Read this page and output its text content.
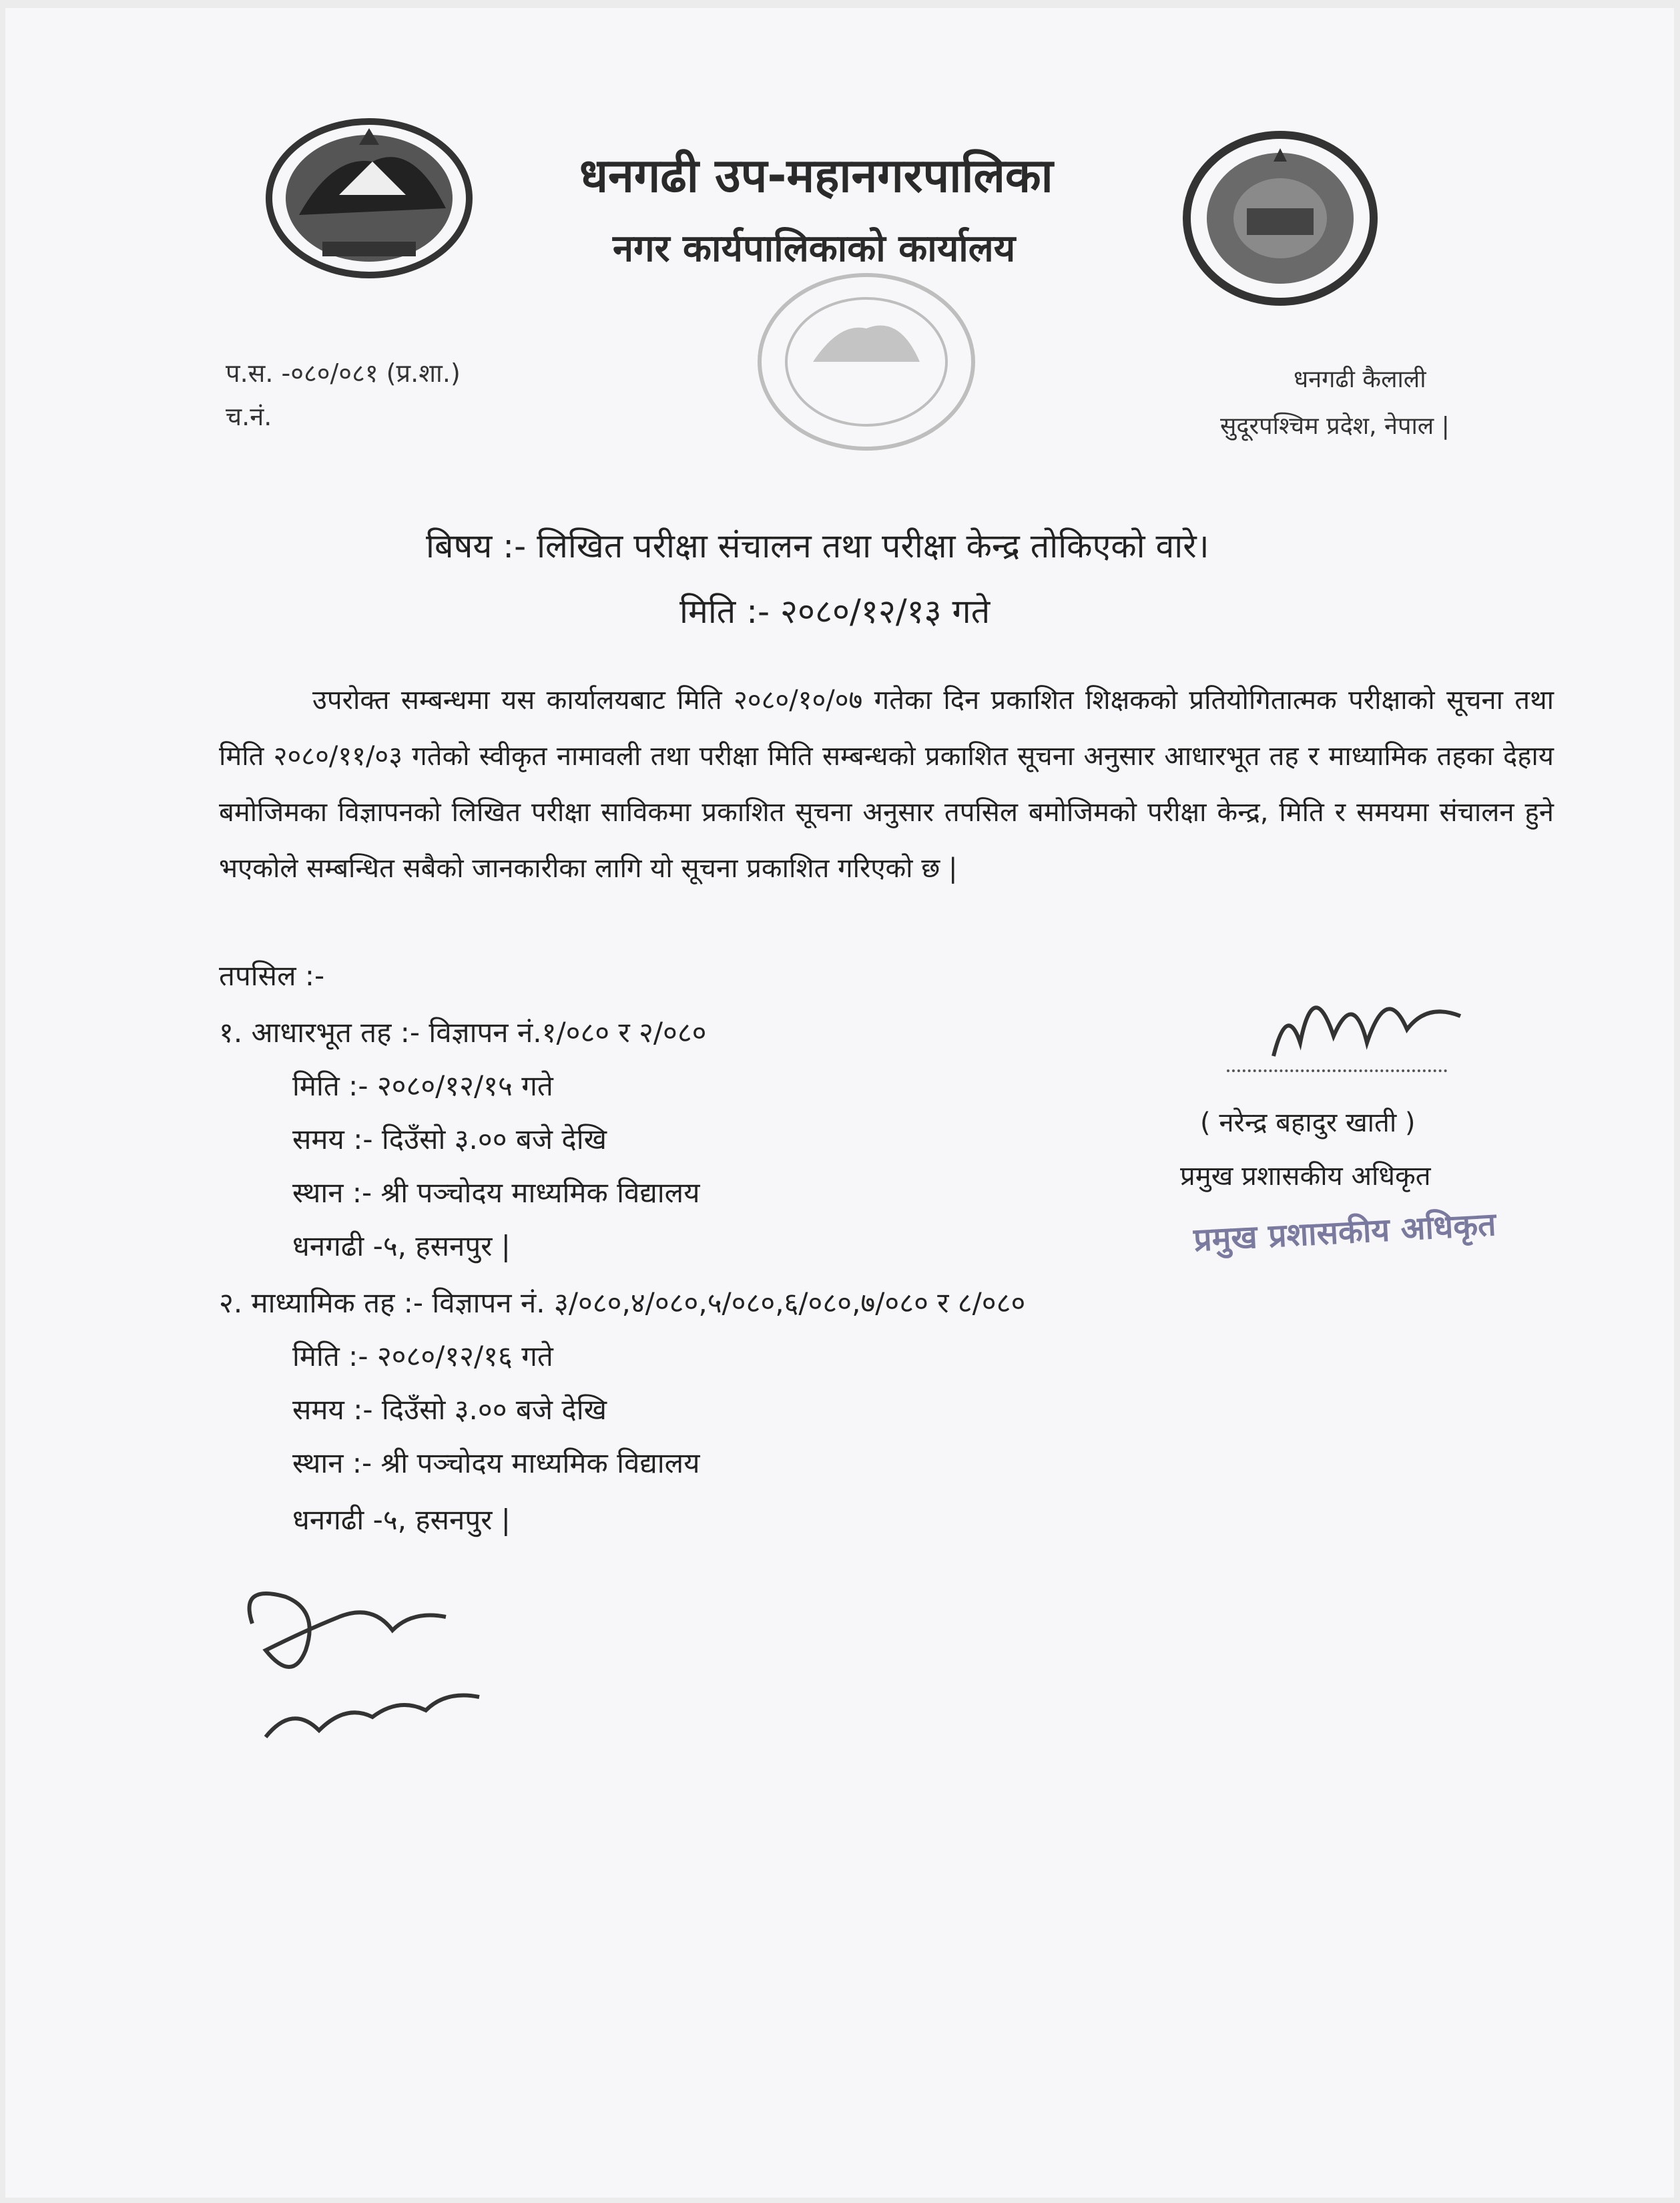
धनगढी उप-महानगरपालिका
नगर कार्यपालिकाको कार्यालय
प.स. -०८०/०८१ (प्र.शा.)
च.नं.
धनगढी कैलाली
सुदूरपश्चिम प्रदेश, नेपाल |
बिषय :- लिखित परीक्षा संचालन तथा परीक्षा केन्द्र तोकिएको वारे।
मिति :- २०८०/१२/१३ गते
उपरोक्त सम्बन्धमा यस कार्यालयबाट मिति २०८०/१०/०७ गतेका दिन प्रकाशित शिक्षकको प्रतियोगितात्मक परीक्षाको सूचना तथा मिति २०८०/११/०३ गतेको स्वीकृत नामावली तथा परीक्षा मिति सम्बन्धको प्रकाशित सूचना अनुसार आधारभूत तह र माध्यामिक तहका देहाय बमोजिमका विज्ञापनको लिखित परीक्षा साविकमा प्रकाशित सूचना अनुसार तपसिल बमोजिमको परीक्षा केन्द्र, मिति र समयमा संचालन हुने भएकोले सम्बन्धित सबैको जानकारीका लागि यो सूचना प्रकाशित गरिएको छ |
तपसिल :-
१. आधारभूत तह :- विज्ञापन नं.१/०८० र २/०८०
मिति :- २०८०/१२/१५ गते
समय :- दिउँसो ३.०० बजे देखि
स्थान :- श्री पञ्चोदय माध्यमिक विद्यालय
धनगढी -५, हसनपुर |
२. माध्यामिक तह :- विज्ञापन नं. ३/०८०,४/०८०,५/०८०,६/०८०,७/०८० र ८/०८०
मिति :- २०८०/१२/१६ गते
समय :- दिउँसो ३.०० बजे देखि
स्थान :- श्री पञ्चोदय माध्यमिक विद्यालय
धनगढी -५, हसनपुर |
( नरेन्द्र बहादुर खाती )
प्रमुख प्रशासकीय अधिकृत
प्रमुख प्रशासकीय अधिकृत
